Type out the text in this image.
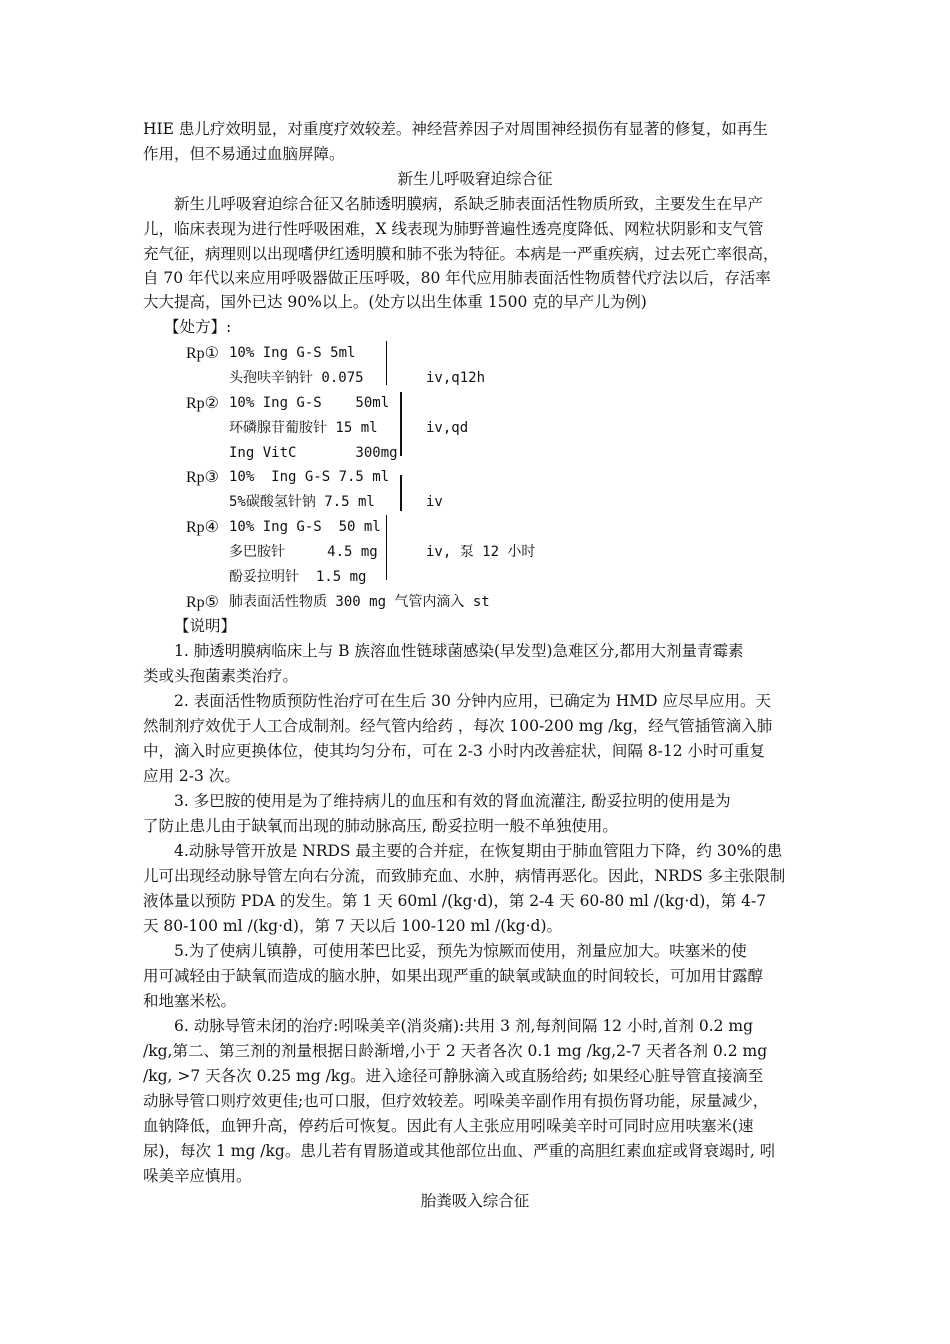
HIE 患儿疗效明显，对重度疗效较差。神经营养因子对周围神经损伤有显著的修复，如再生
作用，但不易通过血脑屏障。
新生儿呼吸窘迫综合征
新生儿呼吸窘迫综合征又名肺透明膜病，系缺乏肺表面活性物质所致，主要发生在早产
儿，临床表现为进行性呼吸困难，X 线表现为肺野普遍性透亮度降低、网粒状阴影和支气管
充气征，病理则以出现嗜伊红透明膜和肺不张为特征。本病是一严重疾病，过去死亡率很高，
自 70 年代以来应用呼吸器做正压呼吸，80 年代应用肺表面活性物质替代疗法以后，存活率
大大提高，国外已达 90%以上。(处方以出生体重 1500 克的早产儿为例)
【处方】:
Rp① 10% Ing G-S 5ml
头孢呋辛钠针 0.075	iv,q12h
Rp② 10% Ing G-S    50ml
环磷腺苷葡胺针 15 ml
Ing VitC       300mg
iv,qd
Rp③ 10%  Ing G-S 7.5 ml
5%碳酸氢针钠 7.5 ml	iv
Rp④ 10% Ing G-S  50 ml
多巴胺针     4.5 mg
酚妥拉明针  1.5 mg
iv, 泵 12 小时
Rp⑤ 肺表面活性物质 300 mg 气管内滴入 st
【说明】
1. 肺透明膜病临床上与 B 族溶血性链球菌感染(早发型)急难区分,都用大剂量青霉素
类或头孢菌素类治疗。
2. 表面活性物质预防性治疗可在生后 30 分钟内应用，已确定为 HMD 应尽早应用。天
然制剂疗效优于人工合成制剂。经气管内给药 ，每次 100-200 mg /kg，经气管插管滴入肺
中，滴入时应更换体位，使其均匀分布，可在 2-3 小时内改善症状，间隔 8-12 小时可重复
应用 2-3 次。
3. 多巴胺的使用是为了维持病儿的血压和有效的肾血流灌注, 酚妥拉明的使用是为
了防止患儿由于缺氧而出现的肺动脉高压, 酚妥拉明一般不单独使用。
4.动脉导管开放是 NRDS 最主要的合并症，在恢复期由于肺血管阻力下降，约 30%的患
儿可出现经动脉导管左向右分流，而致肺充血、水肿，病情再恶化。因此，NRDS 多主张限制
液体量以预防 PDA 的发生。第 1 天 60ml /(kg·d)，第 2-4 天 60-80 ml /(kg·d)，第 4-7
天 80-100 ml /(kg·d)，第 7 天以后 100-120 ml /(kg·d)。
5.为了使病儿镇静，可使用苯巴比妥，预先为惊厥而使用，剂量应加大。呋塞米的使
用可减轻由于缺氧而造成的脑水肿，如果出现严重的缺氧或缺血的时间较长，可加用甘露醇
和地塞米松。
6. 动脉导管未闭的治疗:吲哚美辛(消炎痛):共用 3 剂,每剂间隔 12 小时,首剂 0.2 mg
/kg,第二、第三剂的剂量根据日龄渐增,小于 2 天者各次 0.1 mg /kg,2-7 天者各剂 0.2 mg
/kg, >7 天各次 0.25 mg /kg。进入途径可静脉滴入或直肠给药; 如果经心脏导管直接滴至
动脉导管口则疗效更佳;也可口服，但疗效较差。吲哚美辛副作用有损伤肾功能，尿量减少，
血钠降低，血钾升高，停药后可恢复。因此有人主张应用吲哚美辛时可同时应用呋塞米(速
尿)，每次 1 mg /kg。患儿若有胃肠道或其他部位出血、严重的高胆红素血症或肾衰竭时, 吲
哚美辛应慎用。
胎粪吸入综合征
